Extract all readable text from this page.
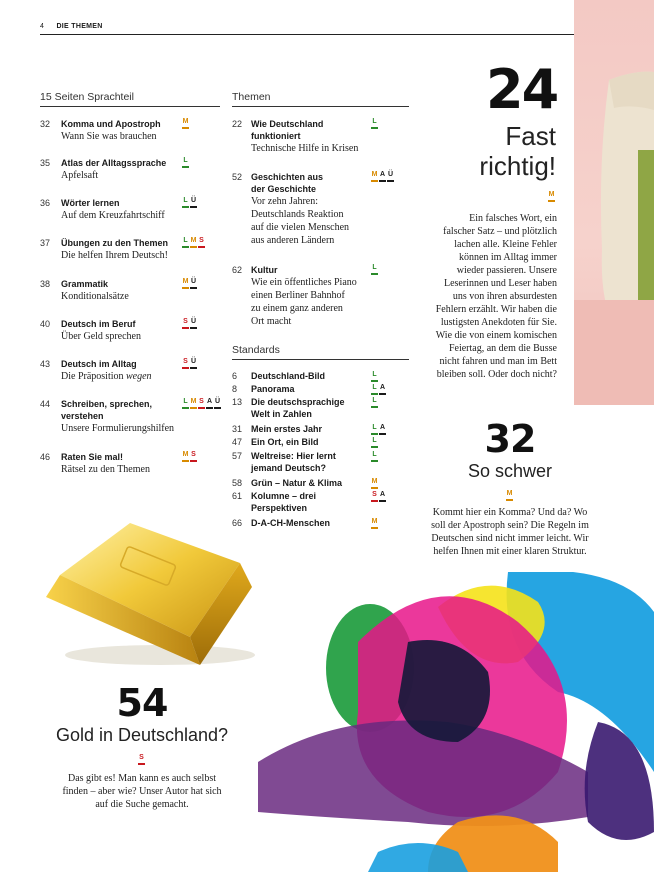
4 DIE THEMEN
15 Seiten Sprachteil
32 Komma und Apostroph
Wann Sie was brauchen
M
35 Atlas der Alltagssprache
Apfelsaft
L
36 Wörter lernen
Auf dem Kreuzfahrtschiff
L Ü
37 Übungen zu den Themen
Die helfen Ihrem Deutsch!
L M S
38 Grammatik
Konditionalsätze
M Ü
40 Deutsch im Beruf
Über Geld sprechen
S Ü
43 Deutsch im Alltag
Die Präposition wegen
S Ü
44 Schreiben, sprechen,
verstehen
Unsere Formulierungshilfen
L M S A Ü
46 Raten Sie mal!
Rätsel zu den Themen
M S
Themen
22 Wie Deutschland
funktioniert
Technische Hilfe in Krisen
L
52 Geschichten aus
der Geschichte
Vor zehn Jahren:
Deutschlands Reaktion
auf die vielen Menschen
aus anderen Ländern
M A Ü
62 Kultur
Wie ein öffentliches Piano
einen Berliner Bahnhof
zu einem ganz anderen
Ort macht
L
Standards
6 Deutschland-Bild	L
8 Panorama	L A
13 Die deutschsprachige
Welt in Zahlen
L
31 Mein erstes Jahr	L A
47 Ein Ort, ein Bild	L
57 Weltreise: Hier lernt
jemand Deutsch?
L
58 Grün – Natur & Klima	M
61 Kolumne – drei
Perspektiven
S A
66 D-A-CH-Menschen	M
24
Fast
richtig!
M
Ein falsches Wort, ein
falscher Satz – und plötzlich
lachen alle. Kleine Fehler
können im Alltag immer
wieder passieren. Unsere
Leserinnen und Leser haben
uns von ihren absurdesten
Fehlern erzählt. Wir haben die
lustigsten Anekdoten für Sie.
Wie die von einem komischen
Feiertag, an dem die Busse
nicht fahren und man im Bett
bleiben soll. Oder doch nicht?
32
So schwer
M
Kommt hier ein Komma? Und da? Wo
soll der Apostroph sein? Die Regeln im
Deutschen sind nicht immer leicht. Wir
helfen Ihnen mit einer klaren Struktur.
54
Gold in Deutschland?
S
Das gibt es! Man kann es auch selbst
finden – aber wie? Unser Autor hat sich
auf die Suche gemacht.
